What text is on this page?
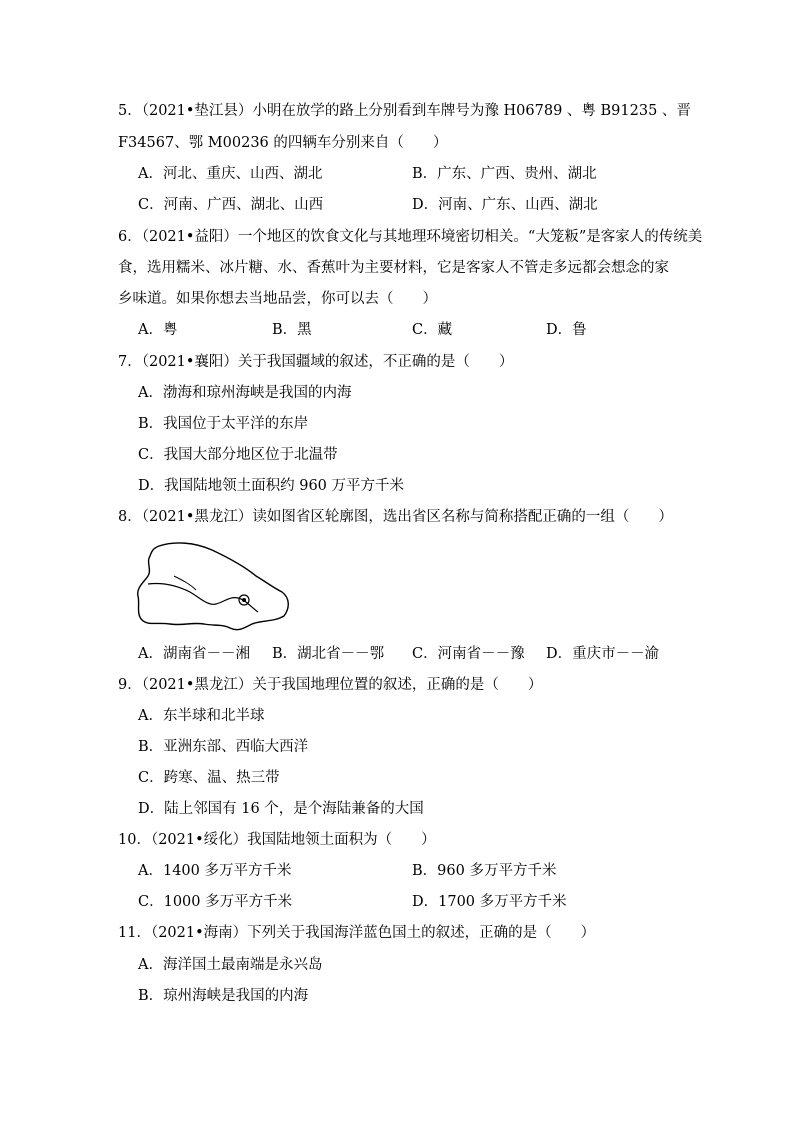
5．（2021•垫江县）小明在放学的路上分别看到车牌号为豫 H06789 、粤 B91235 、晋
F34567、鄂 M00236 的四辆车分别来自（　　）
A．河北、重庆、山西、湖北	B．广东、广西、贵州、湖北
C．河南、广西、湖北、山西	D．河南、广东、山西、湖北
6．（2021•益阳）一个地区的饮食文化与其地理环境密切相关。“大笼粄”是客家人的传统美
食，选用糯米、冰片糖、水、香蕉叶为主要材料，它是客家人不管走多远都会想念的家
乡味道。如果你想去当地品尝，你可以去（　　）
A．粤	B．黑	C．藏	D．鲁
7．（2021•襄阳）关于我国疆域的叙述，不正确的是（　　）
A．渤海和琼州海峡是我国的内海
B．我国位于太平洋的东岸
C．我国大部分地区位于北温带
D．我国陆地领土面积约 960 万平方千米
8．（2021•黑龙江）读如图省区轮廓图，选出省区名称与简称搭配正确的一组（　　）
A．湖南省－－湘 B．湖北省－－鄂 C．河南省－－豫 D．重庆市－－渝
9．（2021•黑龙江）关于我国地理位置的叙述，正确的是（　　）
A．东半球和北半球
B．亚洲东部、西临大西洋
C．跨寒、温、热三带
D．陆上邻国有 16 个，是个海陆兼备的大国
10．（2021•绥化）我国陆地领土面积为（　　）
A．1400 多万平方千米	B．960 多万平方千米
C．1000 多万平方千米	D．1700 多万平方千米
11．（2021•海南）下列关于我国海洋蓝色国土的叙述，正确的是（　　）
A．海洋国土最南端是永兴岛
B．琼州海峡是我国的内海
